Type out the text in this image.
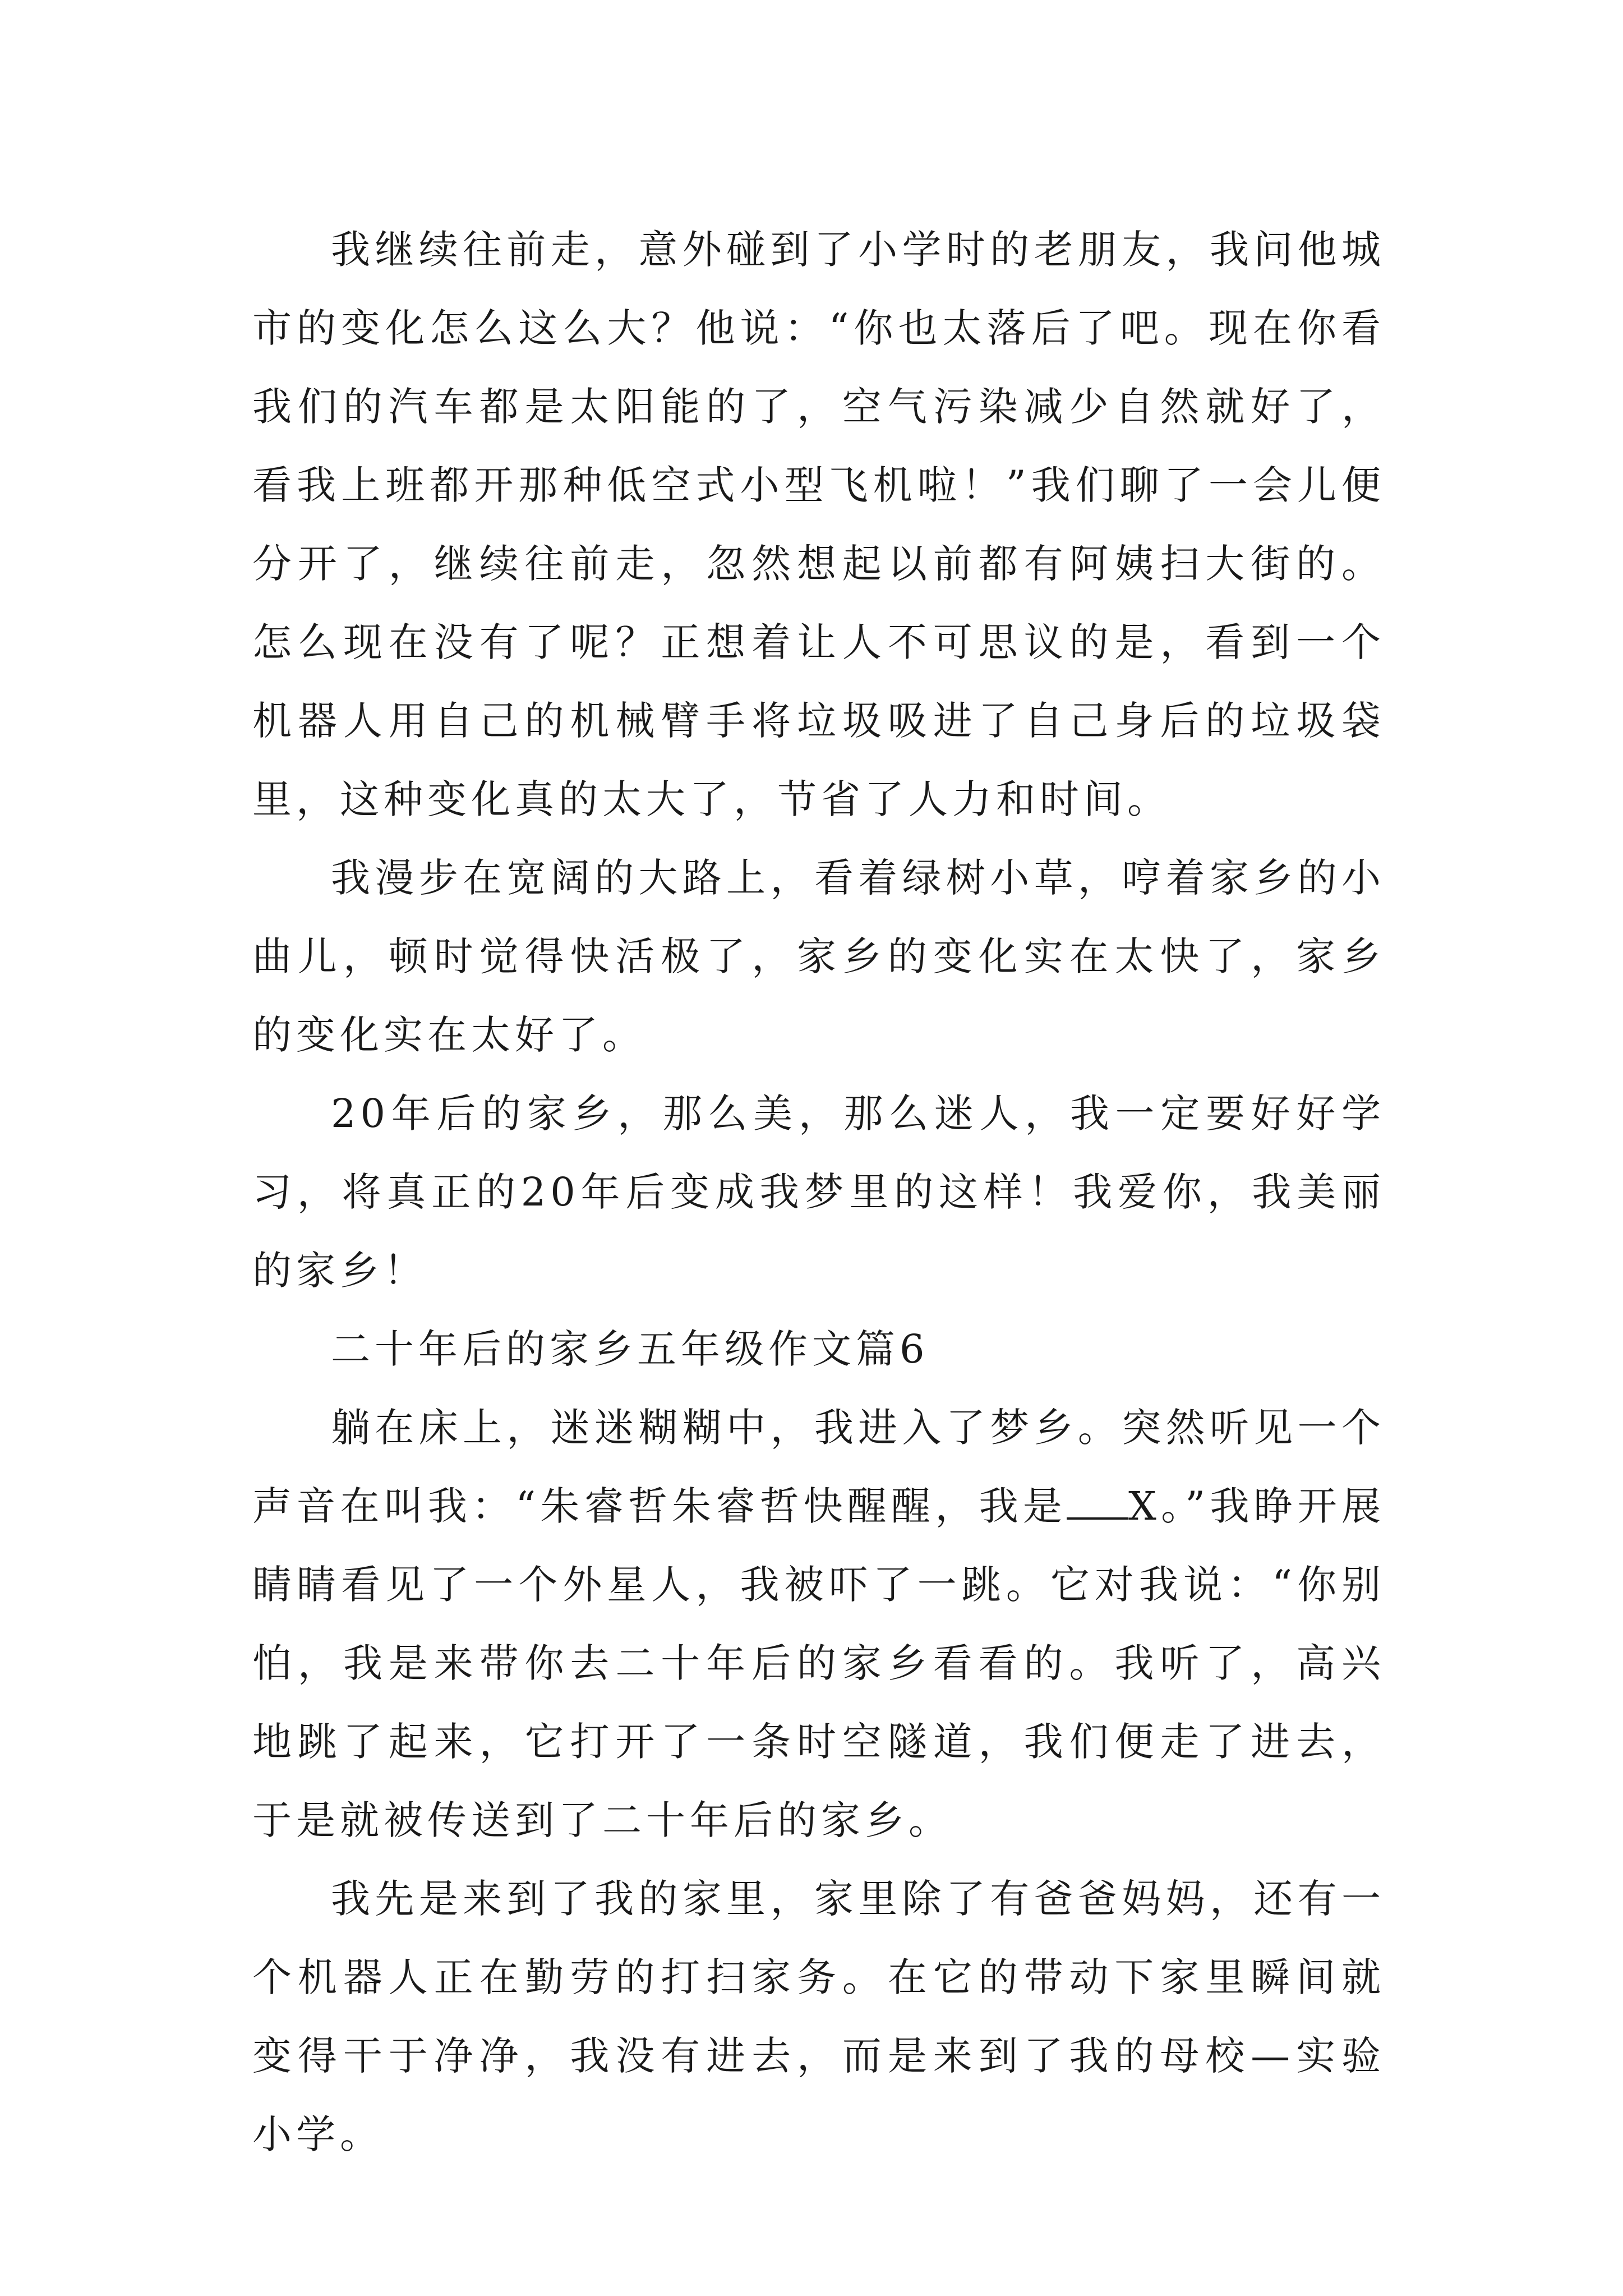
我继续往前走，意外碰到了小学时的老朋友，我问他城市的变化怎么这么大？他说：“你也太落后了吧。现在你看我们的汽车都是太阳能的了，空气污染减少自然就好了，看我上班都开那种低空式小型飞机啦！”我们聊了一会儿便分开了，继续往前走，忽然想起以前都有阿姨扫大街的。怎么现在没有了呢？正想着让人不可思议的是，看到一个机器人用自己的机械臂手将垃圾吸进了自己身后的垃圾袋里，这种变化真的太大了，节省了人力和时间。

我漫步在宽阔的大路上，看着绿树小草，哼着家乡的小曲儿，顿时觉得快活极了，家乡的变化实在太快了，家乡的变化实在太好了。

20年后的家乡，那么美，那么迷人，我一定要好好学习，将真正的20年后变成我梦里的这样！我爱你，我美丽的家乡！

二十年后的家乡五年级作文篇6

躺在床上，迷迷糊糊中，我进入了梦乡。突然听见一个声音在叫我：“朱睿哲朱睿哲快醒醒，我是 X。”我睁开展睛睛看见了一个外星人，我被吓了一跳。它对我说：“你别怕，我是来带你去二十年后的家乡看看的。我听了，高兴地跳了起来，它打开了一条时空隧道，我们便走了进去，于是就被传送到了二十年后的家乡。

我先是来到了我的家里，家里除了有爸爸妈妈，还有一个机器人正在勤劳的打扫家务。在它的带动下家里瞬间就变得干于净净，我没有进去，而是来到了我的母校—实验小学。
